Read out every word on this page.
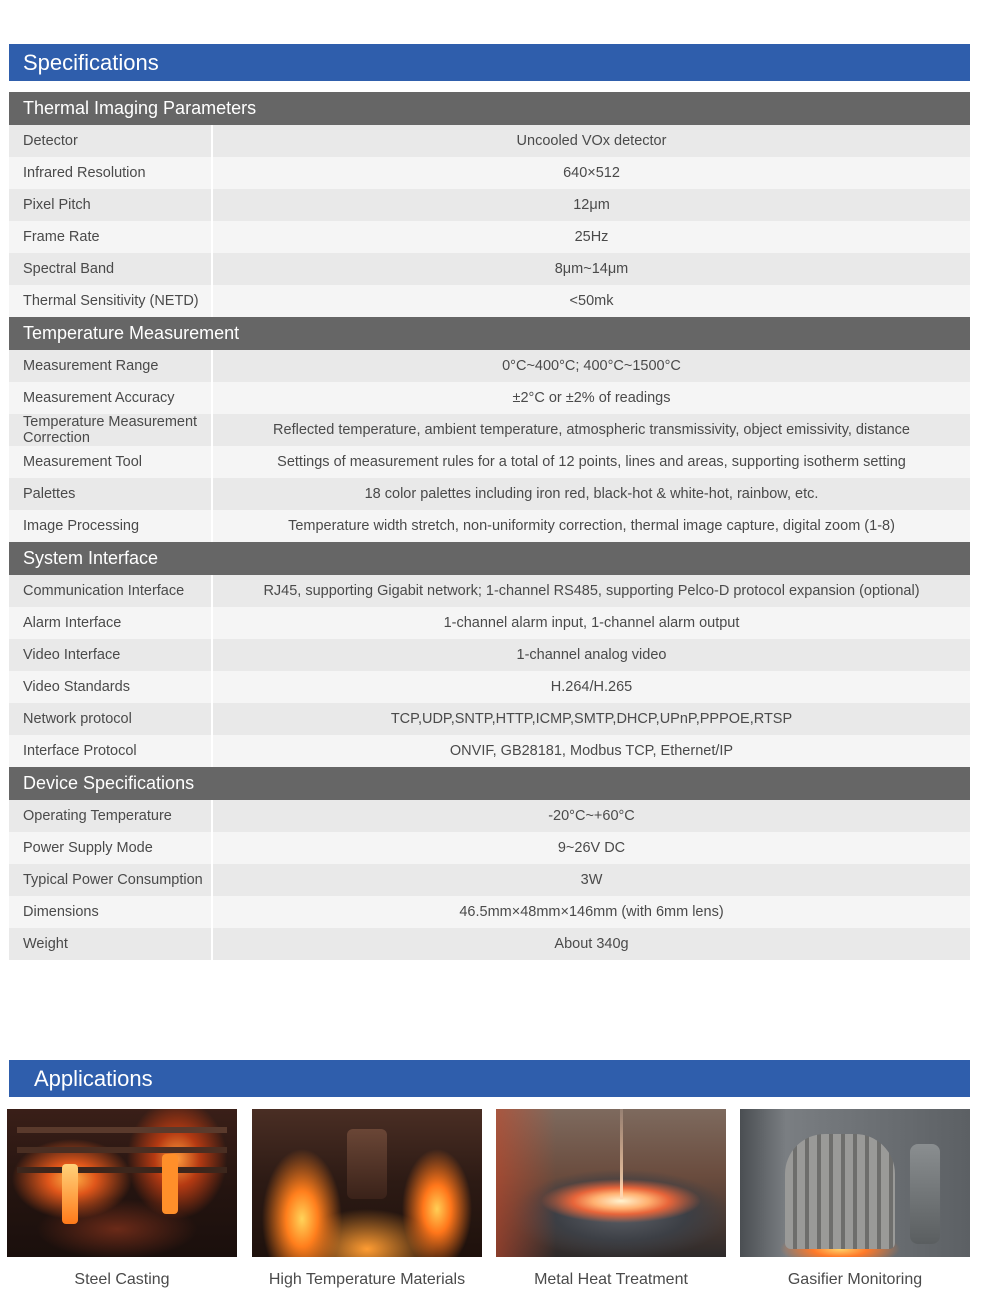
Specifications
Thermal Imaging Parameters
Detector	Uncooled VOx detector
Infrared Resolution	640×512
Pixel Pitch	12μm
Frame Rate	25Hz
Spectral Band	8μm~14μm
Thermal Sensitivity (NETD)	<50mk
Temperature Measurement
Measurement Range	0°C~400°C; 400°C~1500°C
Measurement Accuracy	±2°C or ±2% of readings
Temperature Measurement Correction	Reflected temperature, ambient temperature, atmospheric transmissivity, object emissivity, distance
Measurement Tool	Settings of measurement rules for a total of 12 points, lines and areas, supporting isotherm setting
Palettes	18 color palettes including iron red, black-hot & white-hot, rainbow, etc.
Image Processing	Temperature width stretch, non-uniformity correction, thermal image capture, digital zoom (1-8)
System Interface
Communication Interface	RJ45, supporting Gigabit network; 1-channel RS485, supporting Pelco-D protocol expansion (optional)
Alarm Interface	1-channel alarm input, 1-channel alarm output
Video Interface	1-channel analog video
Video Standards	H.264/H.265
Network protocol	TCP,UDP,SNTP,HTTP,ICMP,SMTP,DHCP,UPnP,PPPOE,RTSP
Interface Protocol	ONVIF, GB28181, Modbus TCP, Ethernet/IP
Device Specifications
Operating Temperature	-20°C~+60°C
Power Supply Mode	9~26V DC
Typical Power Consumption	3W
Dimensions	46.5mm×48mm×146mm (with 6mm lens)
Weight	About 340g
Applications
Steel Casting	High Temperature Materials	Metal Heat Treatment	Gasifier Monitoring
